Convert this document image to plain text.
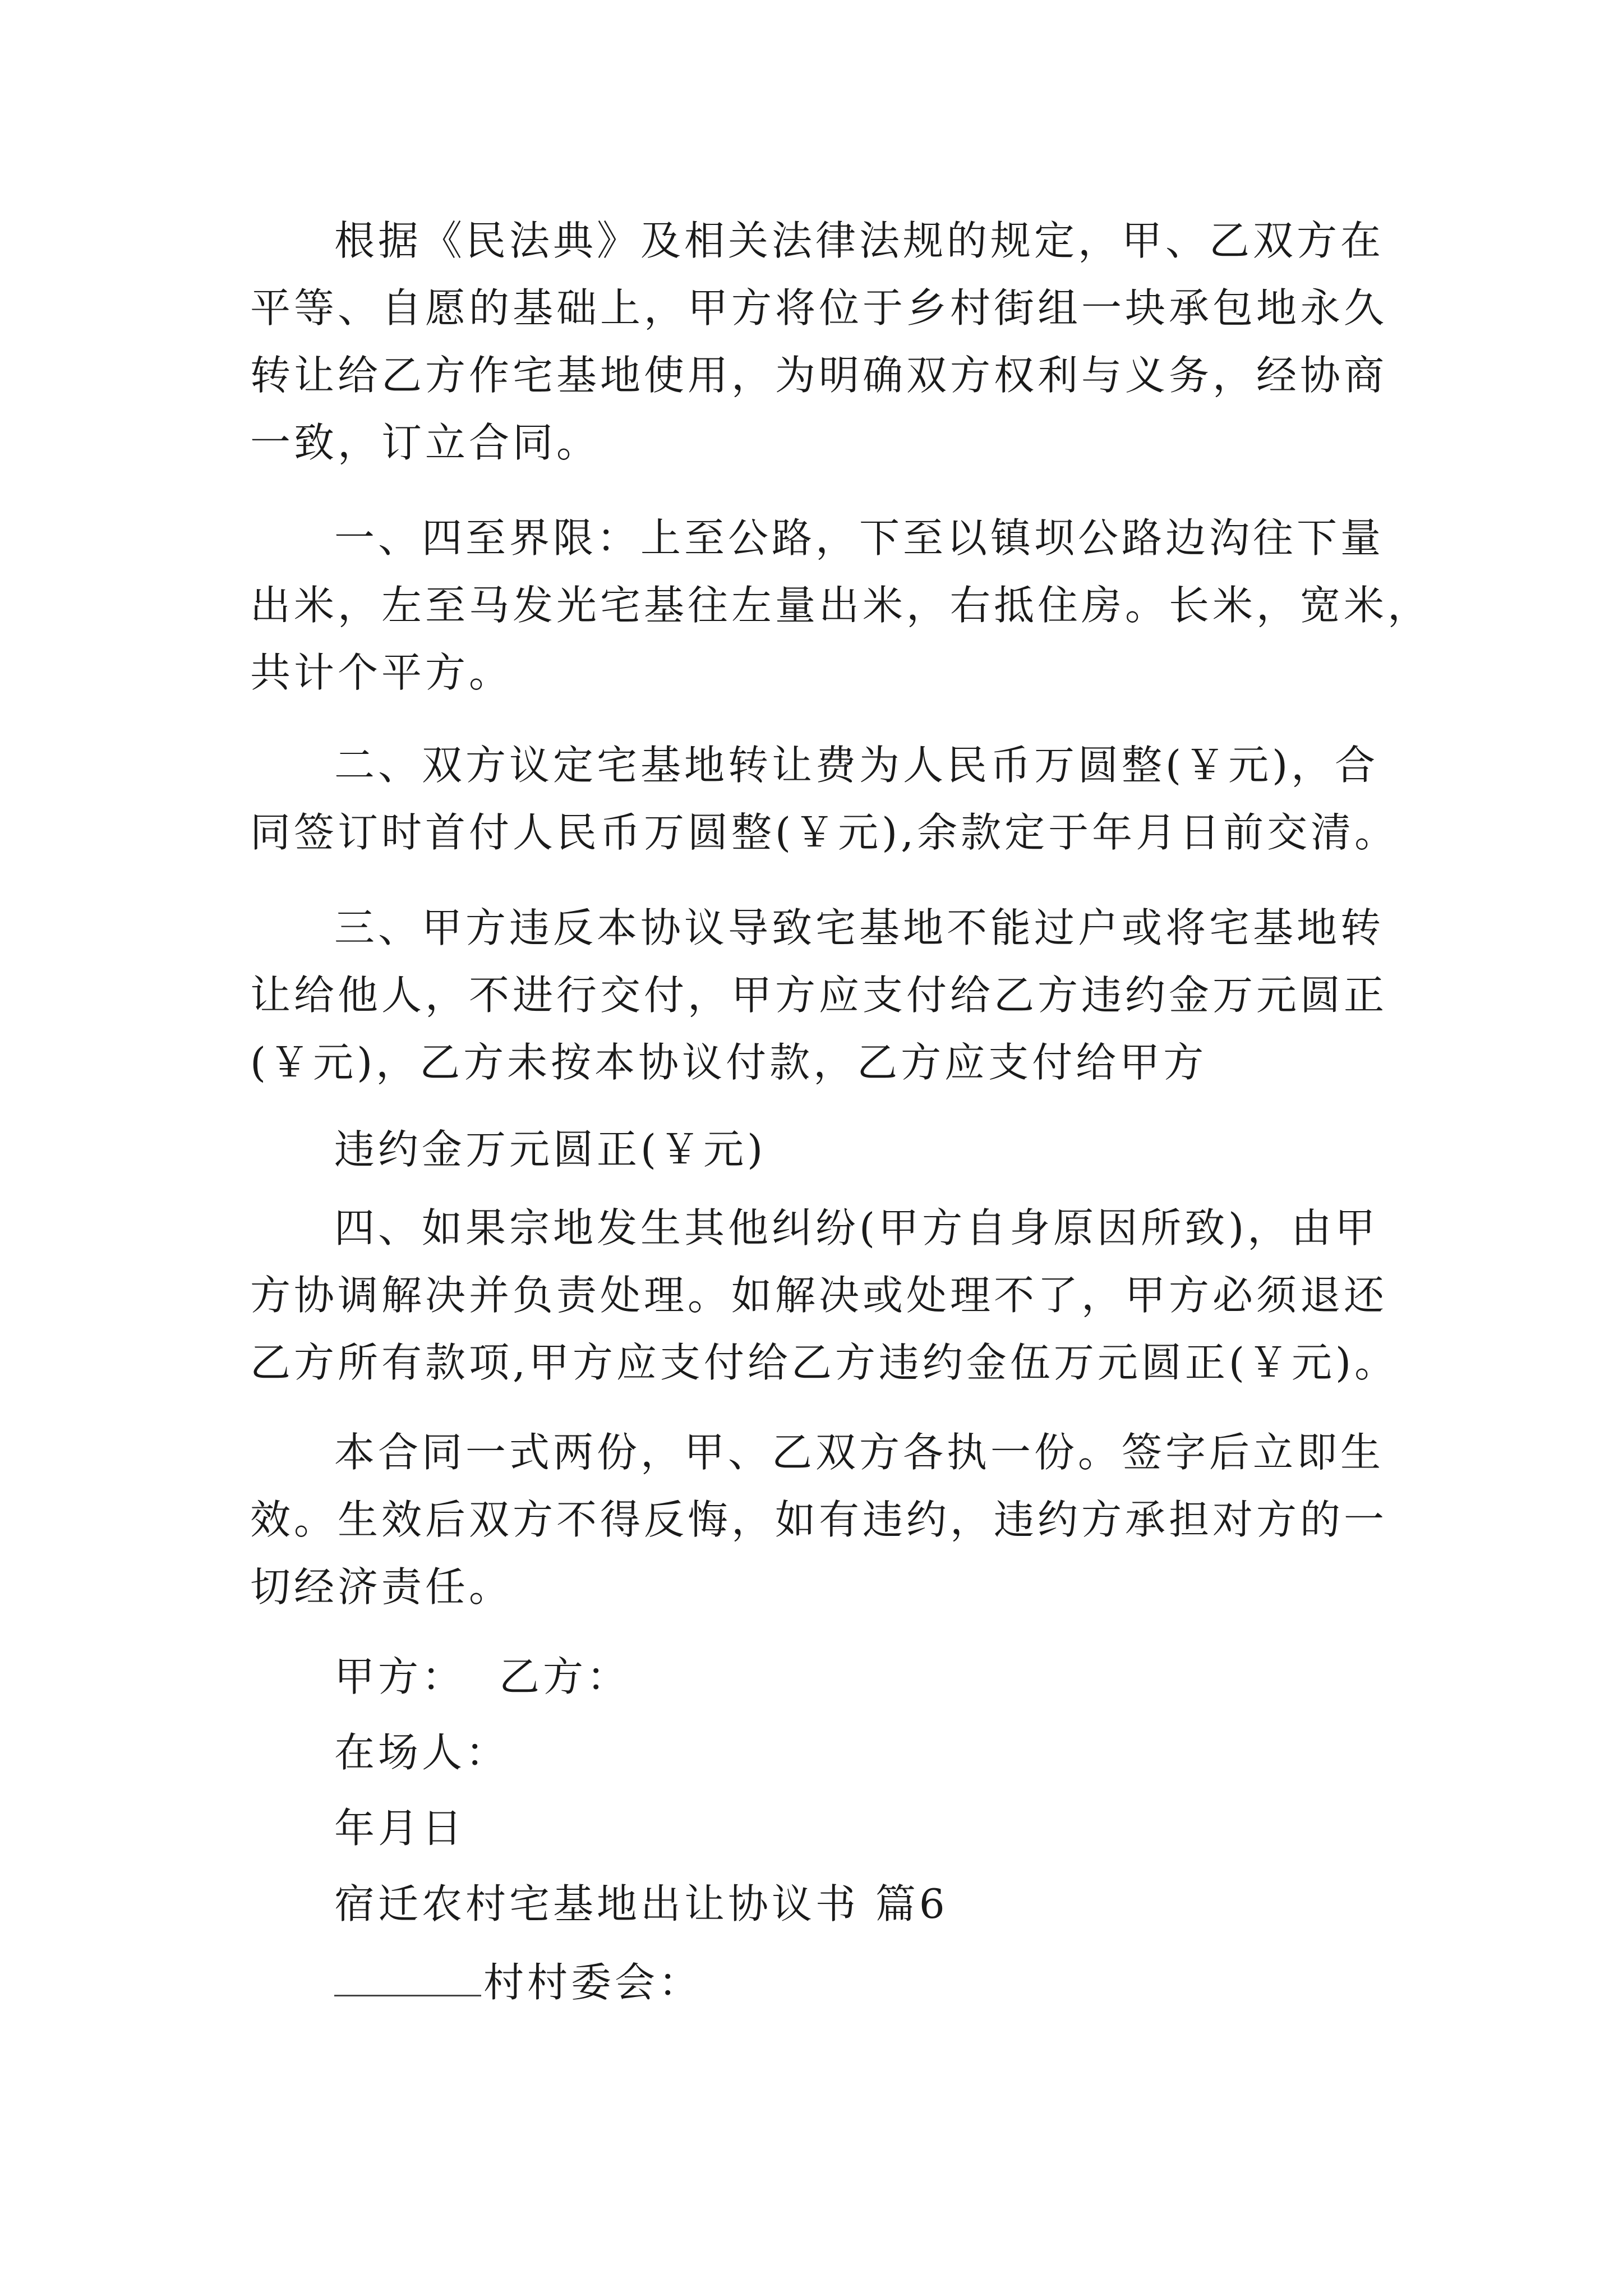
根据《民法典》及相关法律法规的规定，甲、乙双方在

平等、自愿的基础上，甲方将位于乡村街组一块承包地永久

转让给乙方作宅基地使用，为明确双方权利与义务，经协商

一致，订立合同。

一、四至界限：上至公路，下至以镇坝公路边沟往下量

出米，左至马发光宅基往左量出米，右抵住房。长米，宽米，

共计个平方。

二、双方议定宅基地转让费为人民币万圆整(￥元)，合

同签订时首付人民币万圆整(￥元),余款定于年月日前交清。

三、甲方违反本协议导致宅基地不能过户或将宅基地转

让给他人，不进行交付，甲方应支付给乙方违约金万元圆正

(￥元)，乙方未按本协议付款，乙方应支付给甲方

违约金万元圆正(￥元)

四、如果宗地发生其他纠纷(甲方自身原因所致)，由甲

方协调解决并负责处理。如解决或处理不了，甲方必须退还

乙方所有款项,甲方应支付给乙方违约金伍万元圆正(￥元)。

本合同一式两份，甲、乙双方各执一份。签字后立即生

效。生效后双方不得反悔，如有违约，违约方承担对方的一

切经济责任。

甲方： 乙方：

在场人：

年月日

宿迁农村宅基地出让协议书 篇6

村村委会：
